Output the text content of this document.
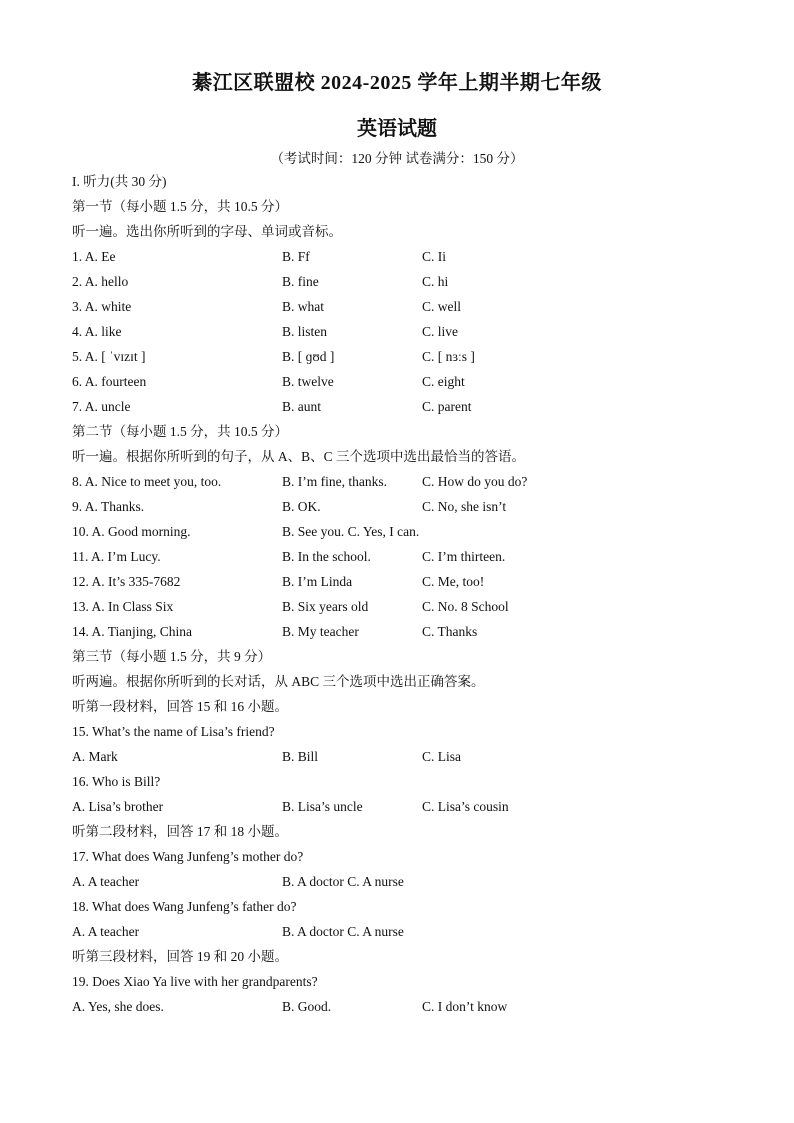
綦江区联盟校 2024-2025 学年上期半期七年级
英语试题
（考试时间：120 分钟 试卷满分：150 分）
I. 听力(共 30 分)
第一节（每小题 1.5 分，共 10.5 分）
听一遍。选出你所听到的字母、单词或音标。
1. A. Ee	B. Ff	C. Ii
2. A. hello	B. fine	C. hi
3. A. white	B. what	C. well
4. A. like	B. listen	C. live
5. A. [ ˈvɪzɪt ]	B. [ ɡʊd ]	C. [ nɜːs ]
6. A. fourteen	B. twelve	C. eight
7. A. uncle	B. aunt	C. parent
第二节（每小题 1.5 分，共 10.5 分）
听一遍。根据你所听到的句子，从 A、B、C 三个选项中选出最恰当的答语。
8. A. Nice to meet you, too.	B. I’m fine, thanks.	C. How do you do?
9. A. Thanks.	B. OK.	C. No, she isn’t
10. A. Good morning.	B. See you. C. Yes, I can.
11. A. I’m Lucy.	B. In the school.	C. I’m thirteen.
12. A. It’s 335-7682	B. I’m Linda	C. Me, too!
13. A. In Class Six	B. Six years old	C. No. 8 School
14. A. Tianjing, China	B. My teacher	C. Thanks
第三节（每小题 1.5 分，共 9 分）
听两遍。根据你所听到的长对话，从 ABC 三个选项中选出正确答案。
听第一段材料，回答 15 和 16 小题。
15. What’s the name of Lisa’s friend?
A. Mark	B. Bill	C. Lisa
16. Who is Bill?
A. Lisa’s brother	B. Lisa’s uncle	C. Lisa’s cousin
听第二段材料，回答 17 和 18 小题。
17. What does Wang Junfeng’s mother do?
A. A teacher	B. A doctor C. A nurse
18. What does Wang Junfeng’s father do?
A. A teacher	B. A doctor C. A nurse
听第三段材料，回答 19 和 20 小题。
19. Does Xiao Ya live with her grandparents?
A. Yes, she does.	B. Good.	C. I don’t know
